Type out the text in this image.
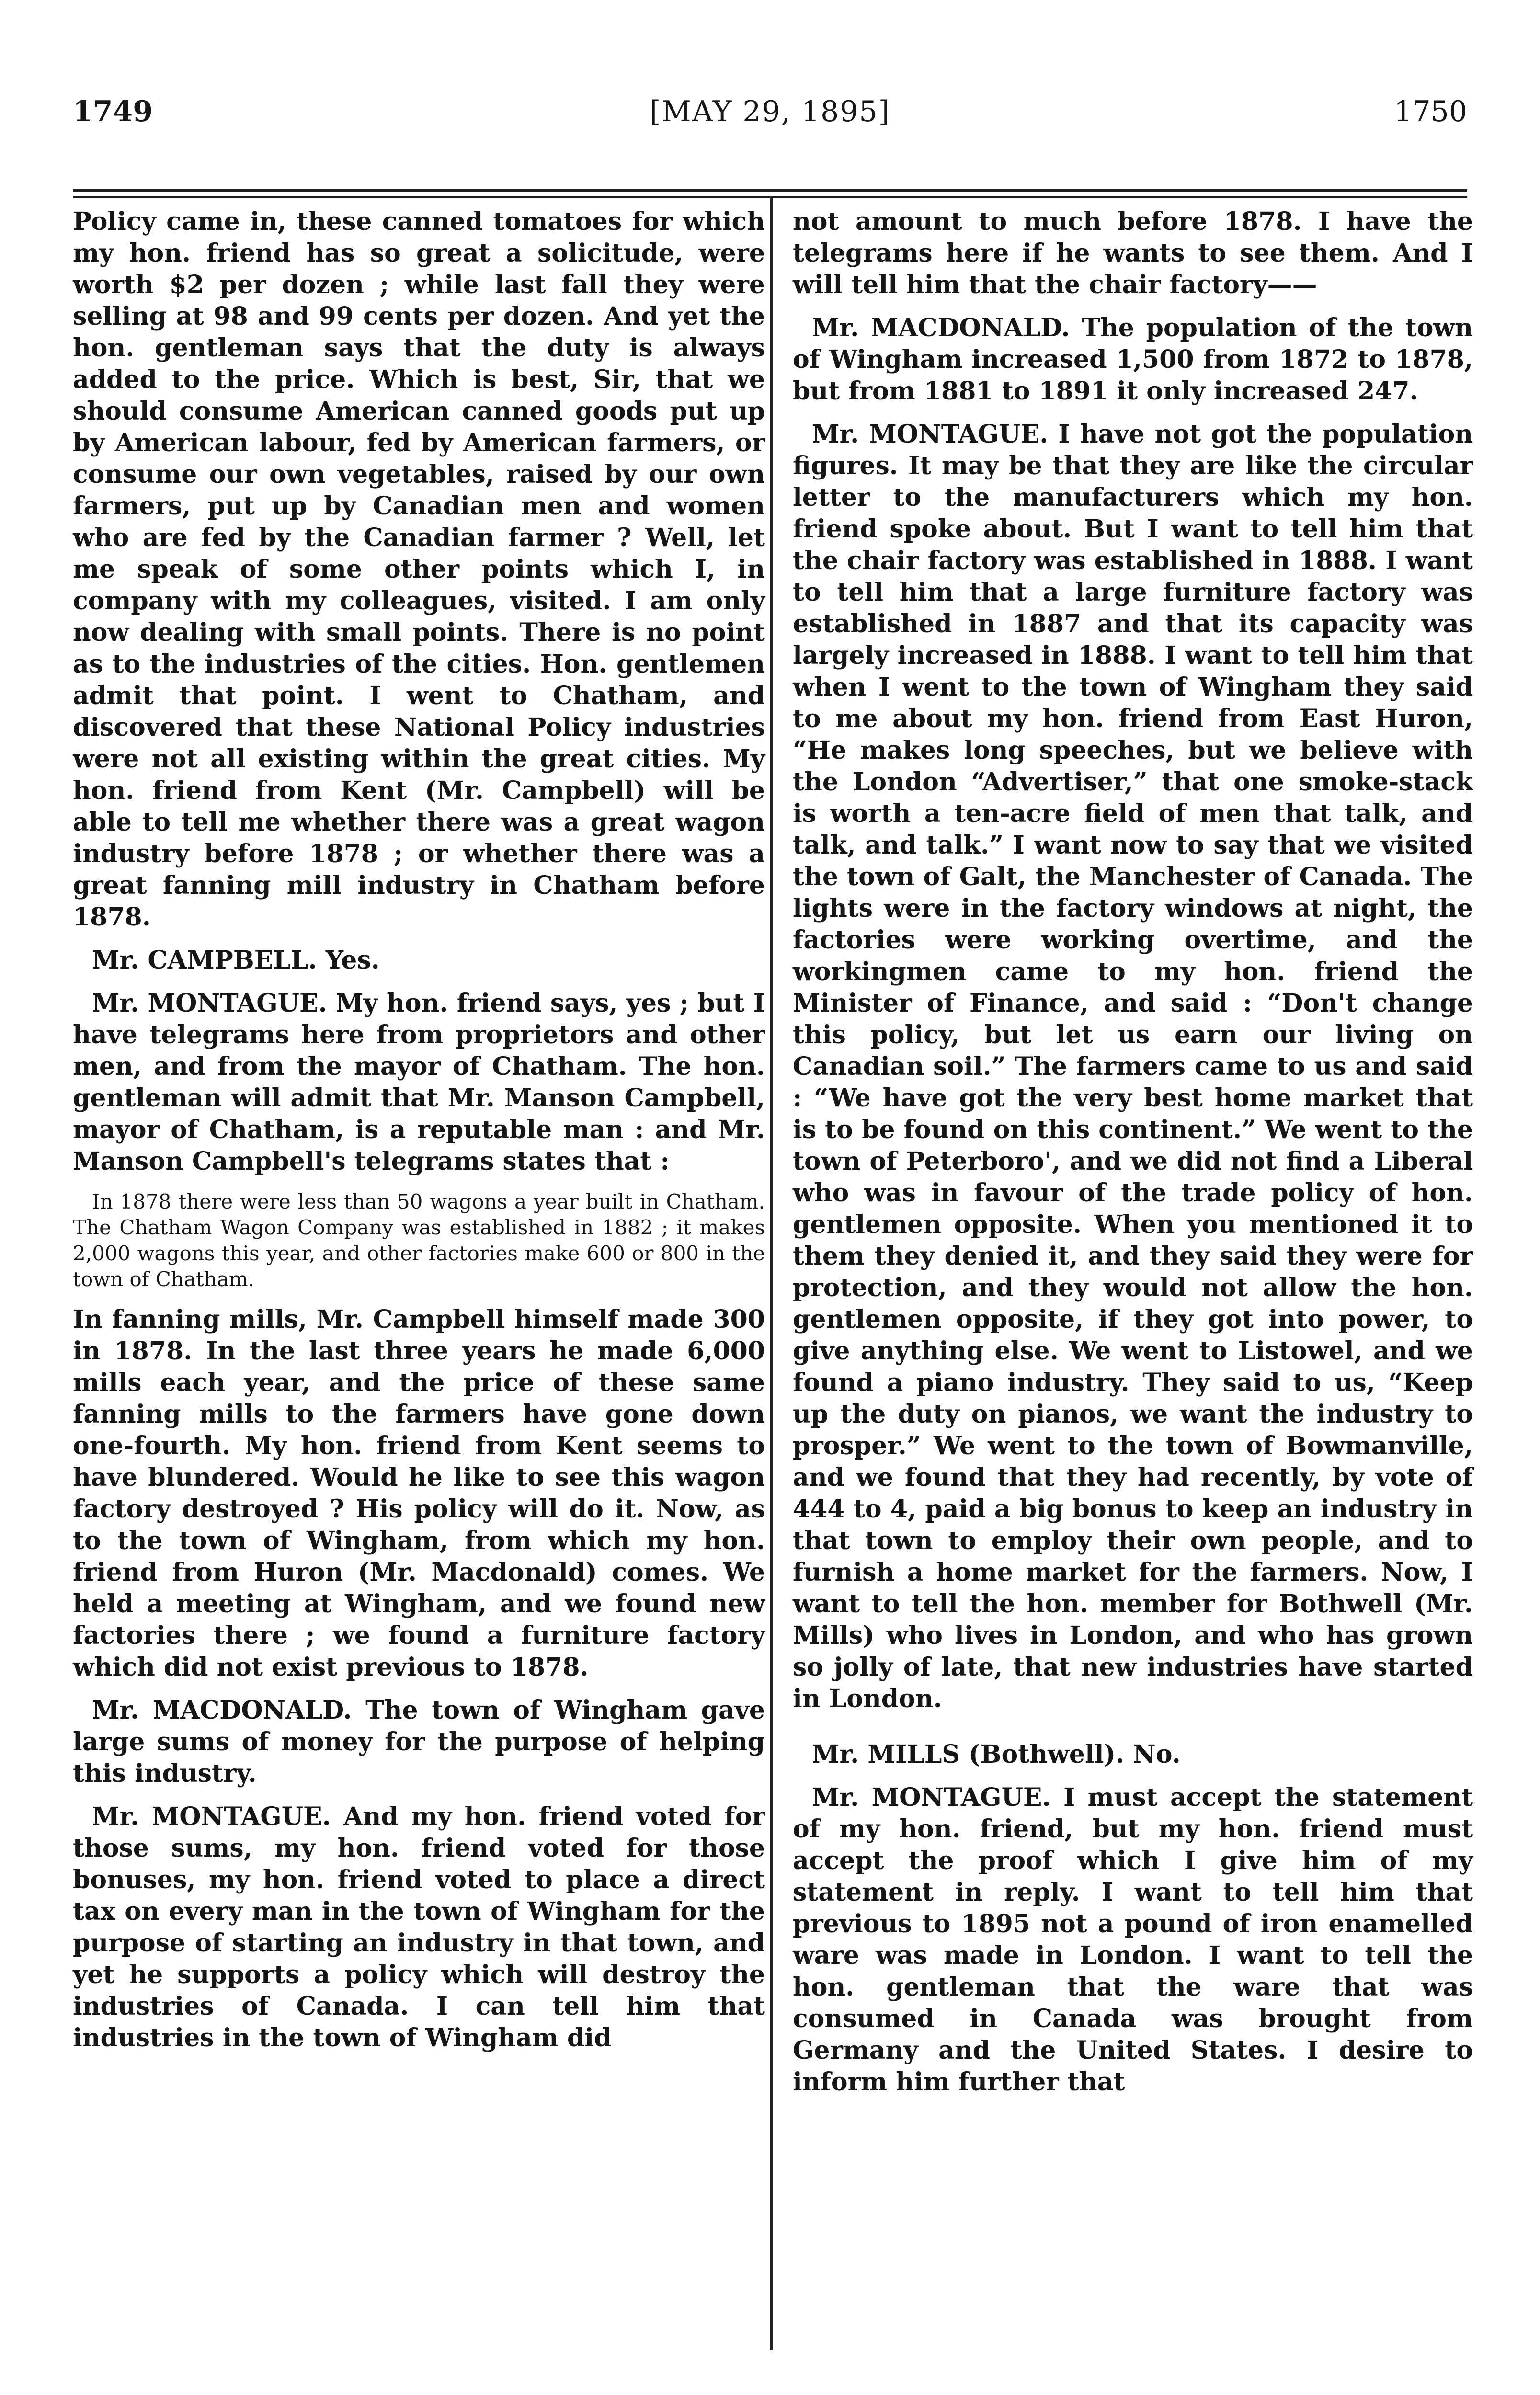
1749	[MAY 29, 1895]	1750

Policy came in, these canned tomatoes for which my hon. friend has so great a solicitude, were worth $2 per dozen ; while last fall they were selling at 98 and 99 cents per dozen. And yet the hon. gentleman says that the duty is always added to the price. Which is best, Sir, that we should consume American canned goods put up by American labour, fed by American farmers, or consume our own vegetables, raised by our own farmers, put up by Canadian men and women who are fed by the Canadian farmer ? Well, let me speak of some other points which I, in company with my colleagues, visited. I am only now dealing with small points. There is no point as to the industries of the cities. Hon. gentlemen admit that point. I went to Chatham, and discovered that these National Policy industries were not all existing within the great cities. My hon. friend from Kent (Mr. Campbell) will be able to tell me whether there was a great wagon industry before 1878 ; or whether there was a great fanning mill industry in Chatham before 1878.

Mr. CAMPBELL. Yes.

Mr. MONTAGUE. My hon. friend says, yes ; but I have telegrams here from proprietors and other men, and from the mayor of Chatham. The hon. gentleman will admit that Mr. Manson Campbell, mayor of Chatham, is a reputable man : and Mr. Manson Campbell's telegrams states that :

In 1878 there were less than 50 wagons a year built in Chatham. The Chatham Wagon Company was established in 1882 ; it makes 2,000 wagons this year, and other factories make 600 or 800 in the town of Chatham.

In fanning mills, Mr. Campbell himself made 300 in 1878. In the last three years he made 6,000 mills each year, and the price of these same fanning mills to the farmers have gone down one-fourth. My hon. friend from Kent seems to have blundered. Would he like to see this wagon factory destroyed ? His policy will do it. Now, as to the town of Wingham, from which my hon. friend from Huron (Mr. Macdonald) comes. We held a meeting at Wingham, and we found new factories there ; we found a furniture factory which did not exist previous to 1878.

Mr. MACDONALD. The town of Wingham gave large sums of money for the purpose of helping this industry.

Mr. MONTAGUE. And my hon. friend voted for those sums, my hon. friend voted for those bonuses, my hon. friend voted to place a direct tax on every man in the town of Wingham for the purpose of starting an industry in that town, and yet he supports a policy which will destroy the industries of Canada. I can tell him that industries in the town of Wingham did

not amount to much before 1878. I have the telegrams here if he wants to see them. And I will tell him that the chair factory——

Mr. MACDONALD. The population of the town of Wingham increased 1,500 from 1872 to 1878, but from 1881 to 1891 it only increased 247.

Mr. MONTAGUE. I have not got the population figures. It may be that they are like the circular letter to the manufacturers which my hon. friend spoke about. But I want to tell him that the chair factory was established in 1888. I want to tell him that a large furniture factory was established in 1887 and that its capacity was largely increased in 1888. I want to tell him that when I went to the town of Wingham they said to me about my hon. friend from East Huron, “He makes long speeches, but we believe with the London “Advertiser,” that one smoke-stack is worth a ten-acre field of men that talk, and talk, and talk.” I want now to say that we visited the town of Galt, the Manchester of Canada. The lights were in the factory windows at night, the factories were working overtime, and the workingmen came to my hon. friend the Minister of Finance, and said : “Don't change this policy, but let us earn our living on Canadian soil.” The farmers came to us and said : “We have got the very best home market that is to be found on this continent.” We went to the town of Peterboro', and we did not find a Liberal who was in favour of the trade policy of hon. gentlemen opposite. When you mentioned it to them they denied it, and they said they were for protection, and they would not allow the hon. gentlemen opposite, if they got into power, to give anything else. We went to Listowel, and we found a piano industry. They said to us, “Keep up the duty on pianos, we want the industry to prosper.” We went to the town of Bowmanville, and we found that they had recently, by vote of 444 to 4, paid a big bonus to keep an industry in that town to employ their own people, and to furnish a home market for the farmers. Now, I want to tell the hon. member for Bothwell (Mr. Mills) who lives in London, and who has grown so jolly of late, that new industries have started in London.

Mr. MILLS (Bothwell). No.

Mr. MONTAGUE. I must accept the statement of my hon. friend, but my hon. friend must accept the proof which I give him of my statement in reply. I want to tell him that previous to 1895 not a pound of iron enamelled ware was made in London. I want to tell the hon. gentleman that the ware that was consumed in Canada was brought from Germany and the United States. I desire to inform him further that
